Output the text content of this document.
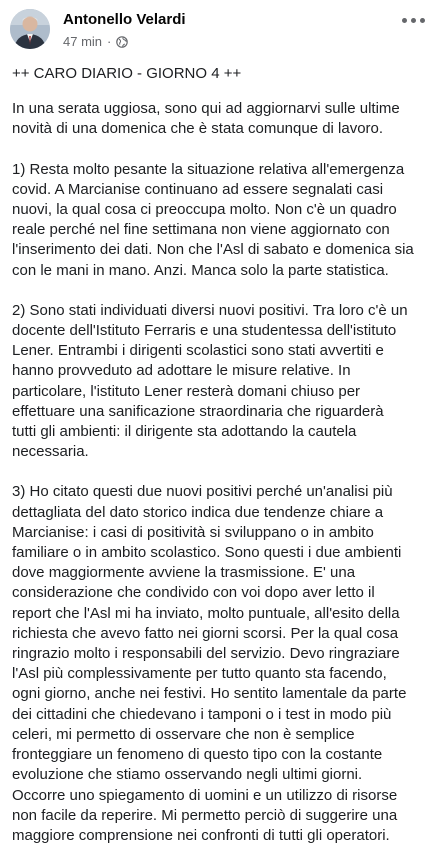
Antonello Velardi
47 min ·

++ CARO DIARIO - GIORNO 4 ++

In una serata uggiosa, sono qui ad aggiornarvi sulle ultime
novità di una domenica che è stata comunque di lavoro.

1) Resta molto pesante la situazione relativa all'emergenza
covid. A Marcianise continuano ad essere segnalati casi
nuovi, la qual cosa ci preoccupa molto. Non c'è un quadro
reale perché nel fine settimana non viene aggiornato con
l'inserimento dei dati. Non che l'Asl di sabato e domenica sia
con le mani in mano. Anzi. Manca solo la parte statistica.

2) Sono stati individuati diversi nuovi positivi. Tra loro c'è un
docente dell'Istituto Ferraris e una studentessa dell'istituto
Lener. Entrambi i dirigenti scolastici sono stati avvertiti e
hanno provveduto ad adottare le misure relative. In
particolare, l'istituto Lener resterà domani chiuso per
effettuare una sanificazione straordinaria che riguarderà
tutti gli ambienti: il dirigente sta adottando la cautela
necessaria.

3) Ho citato questi due nuovi positivi perché un'analisi più
dettagliata del dato storico indica due tendenze chiare a
Marcianise: i casi di positività si sviluppano o in ambito
familiare o in ambito scolastico. Sono questi i due ambienti
dove maggiormente avviene la trasmissione. E' una
considerazione che condivido con voi dopo aver letto il
report che l'Asl mi ha inviato, molto puntuale, all'esito della
richiesta che avevo fatto nei giorni scorsi. Per la qual cosa
ringrazio molto i responsabili del servizio. Devo ringraziare
l'Asl più complessivamente per tutto quanto sta facendo,
ogni giorno, anche nei festivi. Ho sentito lamentale da parte
dei cittadini che chiedevano i tamponi o i test in modo più
celeri, mi permetto di osservare che non è semplice
fronteggiare un fenomeno di questo tipo con la costante
evoluzione che stiamo osservando negli ultimi giorni.
Occorre uno spiegamento di uomini e un utilizzo di risorse
non facile da reperire. Mi permetto perciò di suggerire una
maggiore comprensione nei confronti di tutti gli operatori.
